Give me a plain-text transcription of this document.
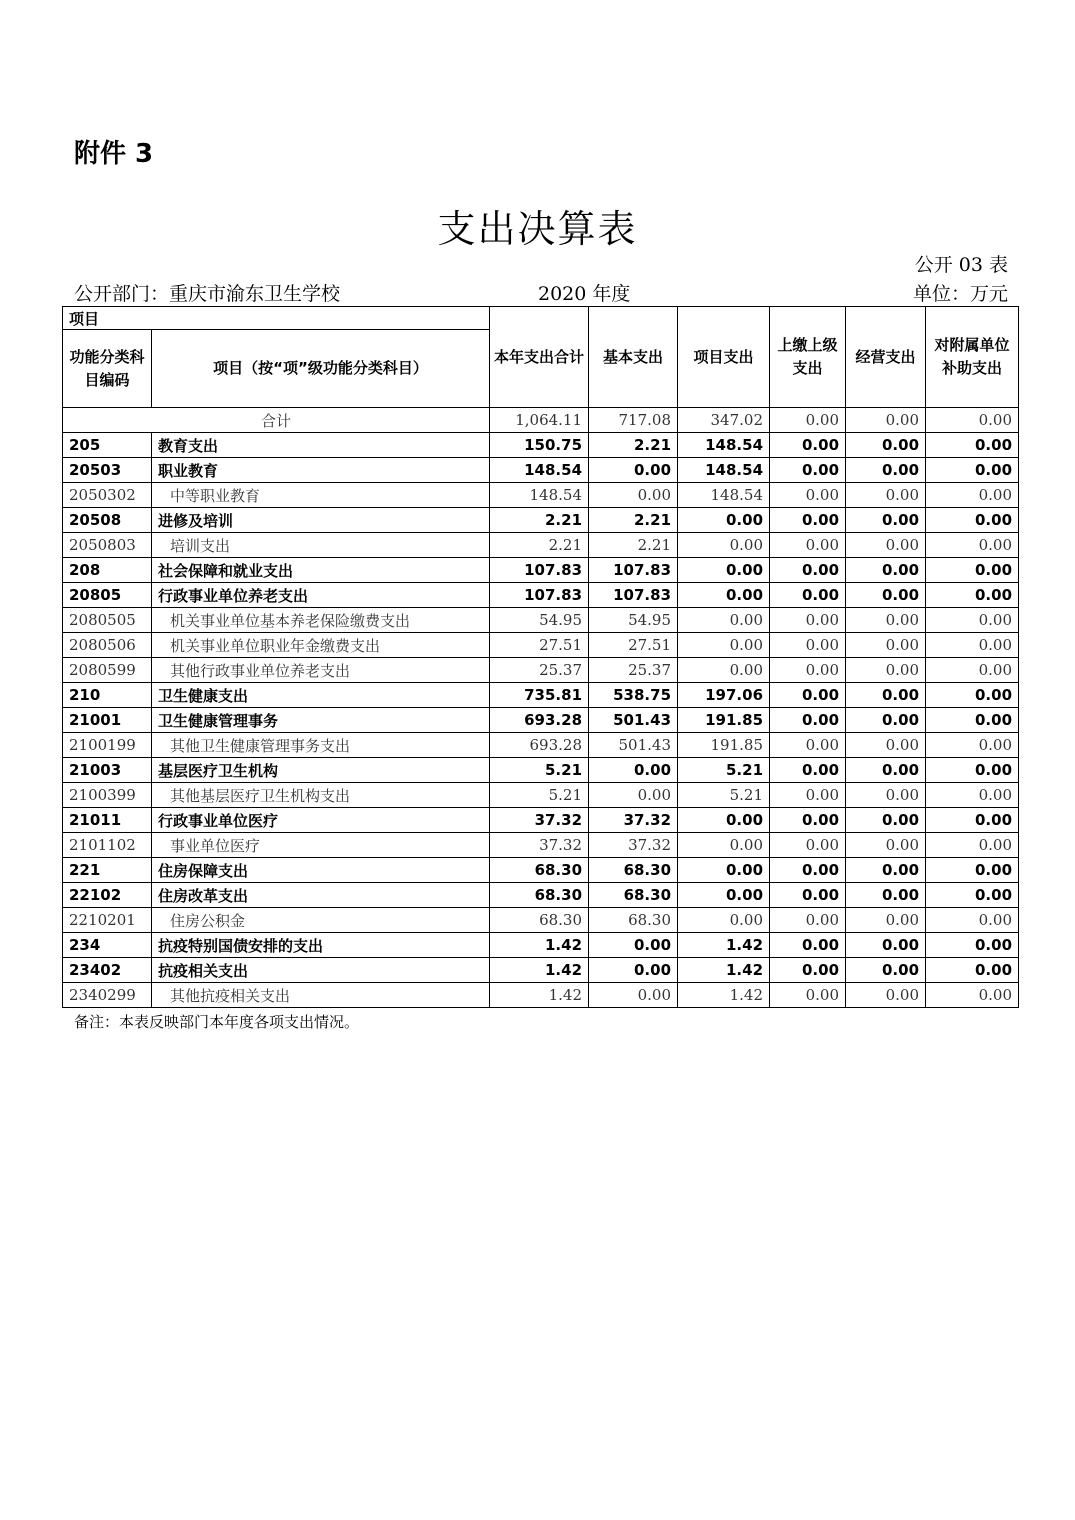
附件 3
支出决算表
公开 03 表
公开部门：重庆市渝东卫生学校	2020 年度	单位：万元
项目		本年支出合计	基本支出	项目支出	上缴上级支出	经营支出	对附属单位补助支出
功能分类科目编码	项目（按“项”级功能分类科目）						
合计		1,064.11	717.08	347.02	0.00	0.00	0.00
205	教育支出	150.75	2.21	148.54	0.00	0.00	0.00
20503	职业教育	148.54	0.00	148.54	0.00	0.00	0.00
2050302	中等职业教育	148.54	0.00	148.54	0.00	0.00	0.00
20508	进修及培训	2.21	2.21	0.00	0.00	0.00	0.00
2050803	培训支出	2.21	2.21	0.00	0.00	0.00	0.00
208	社会保障和就业支出	107.83	107.83	0.00	0.00	0.00	0.00
20805	行政事业单位养老支出	107.83	107.83	0.00	0.00	0.00	0.00
2080505	机关事业单位基本养老保险缴费支出	54.95	54.95	0.00	0.00	0.00	0.00
2080506	机关事业单位职业年金缴费支出	27.51	27.51	0.00	0.00	0.00	0.00
2080599	其他行政事业单位养老支出	25.37	25.37	0.00	0.00	0.00	0.00
210	卫生健康支出	735.81	538.75	197.06	0.00	0.00	0.00
21001	卫生健康管理事务	693.28	501.43	191.85	0.00	0.00	0.00
2100199	其他卫生健康管理事务支出	693.28	501.43	191.85	0.00	0.00	0.00
21003	基层医疗卫生机构	5.21	0.00	5.21	0.00	0.00	0.00
2100399	其他基层医疗卫生机构支出	5.21	0.00	5.21	0.00	0.00	0.00
21011	行政事业单位医疗	37.32	37.32	0.00	0.00	0.00	0.00
2101102	事业单位医疗	37.32	37.32	0.00	0.00	0.00	0.00
221	住房保障支出	68.30	68.30	0.00	0.00	0.00	0.00
22102	住房改革支出	68.30	68.30	0.00	0.00	0.00	0.00
2210201	住房公积金	68.30	68.30	0.00	0.00	0.00	0.00
234	抗疫特别国债安排的支出	1.42	0.00	1.42	0.00	0.00	0.00
23402	抗疫相关支出	1.42	0.00	1.42	0.00	0.00	0.00
2340299	其他抗疫相关支出	1.42	0.00	1.42	0.00	0.00	0.00
备注：本表反映部门本年度各项支出情况。
